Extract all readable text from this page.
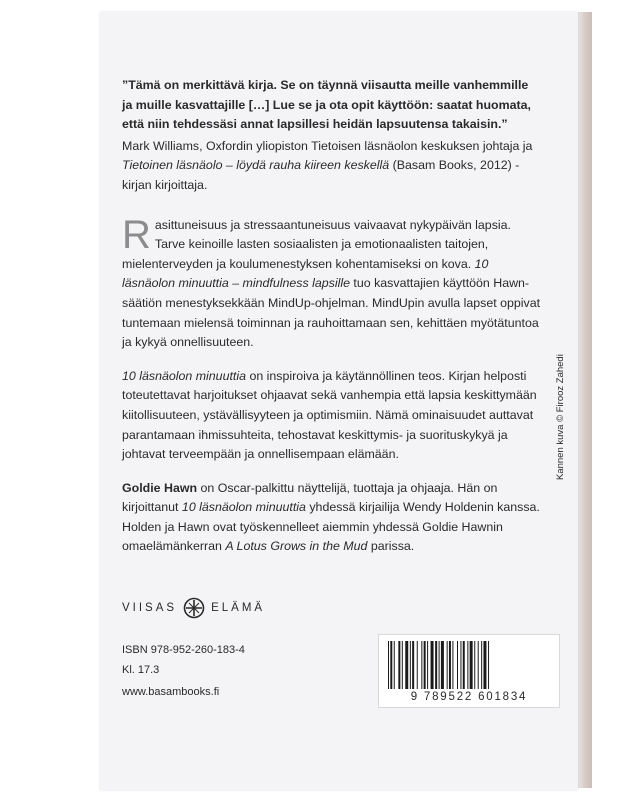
”Tämä on merkittävä kirja. Se on täynnä viisautta meille vanhemmille ja muille kasvattajille […] Lue se ja ota opit käyttöön: saatat huomata, että niin tehdessäsi annat lapsillesi heidän lapsuutensa takaisin.”

Mark Williams, Oxfordin yliopiston Tietoisen läsnäolon keskuksen johtaja ja Tietoinen läsnäolo – löydä rauha kiireen keskellä (Basam Books, 2012) -kirjan kirjoittaja.

Rasittuneisuus ja stressaantuneisuus vaivaavat nykypäivän lapsia. Tarve keinoille lasten sosiaalisten ja emotionaalisten taitojen, mielenterveyden ja koulumenestyksen kohentamiseksi on kova. 10 läsnäolon minuuttia – mindfulness lapsille tuo kasvattajien käyttöön Hawn-säätiön menestyksekkään MindUp-ohjelman. MindUpin avulla lapset oppivat tuntemaan mielensä toiminnan ja rauhoittamaan sen, kehittäen myötätuntoa ja kykyä onnellisuuteen.

10 läsnäolon minuuttia on inspiroiva ja käytännöllinen teos. Kirjan helposti toteutettavat harjoitukset ohjaavat sekä vanhempia että lapsia keskittymään kiitollisuuteen, ystävällisyyteen ja optimismiin. Nämä ominaisuudet auttavat parantamaan ihmissuhteita, tehostavat keskittymis- ja suorituskykyä ja johtavat terveempään ja onnellisempaan elämään.

Goldie Hawn on Oscar-palkittu näyttelijä, tuottaja ja ohjaaja. Hän on kirjoittanut 10 läsnäolon minuuttia yhdessä kirjailija Wendy Holdenin kanssa. Holden ja Hawn ovat työskennelleet aiemmin yhdessä Goldie Hawnin omaelämänkerran A Lotus Grows in the Mud parissa.

VIISAS	ELÄMÄ
ISBN 978-952-260-183-4
Kl. 17.3
www.basambooks.fi	9 789522 601834
Kannen kuva © Firooz Zahedi
